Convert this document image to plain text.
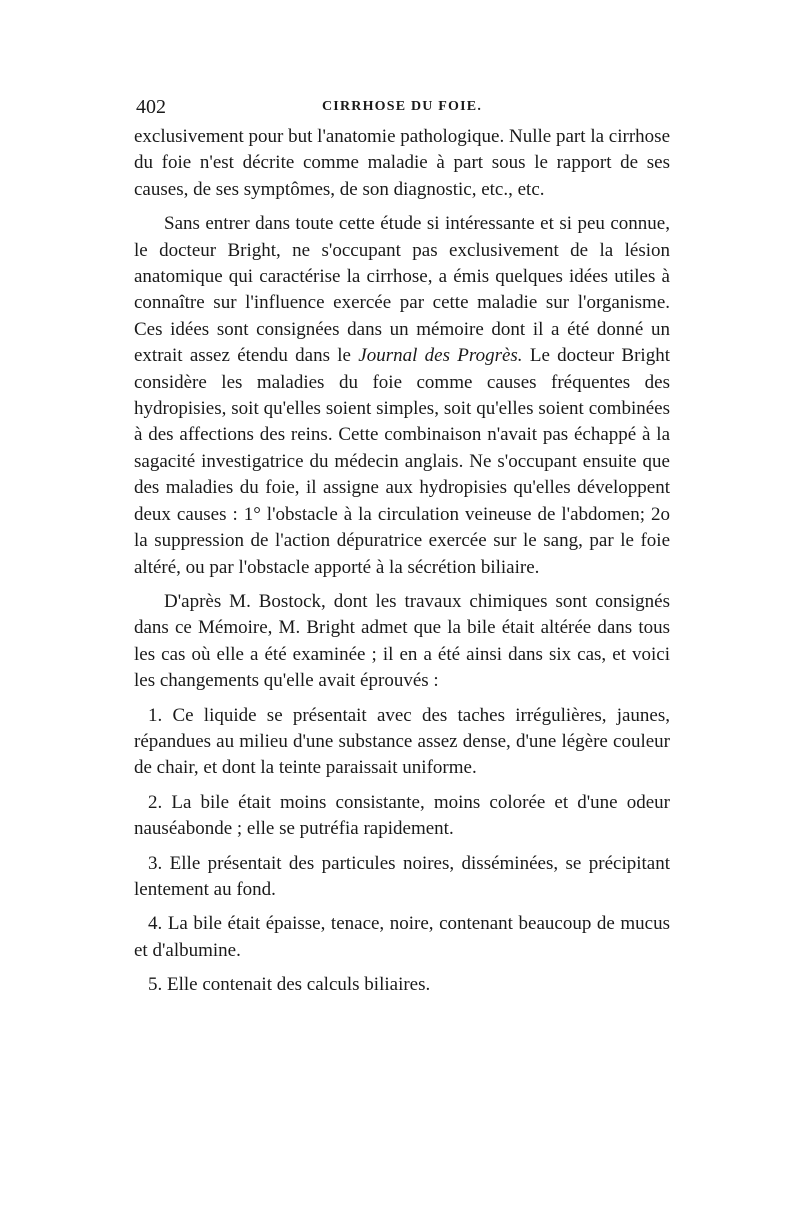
402	CIRRHOSE DU FOIE.

exclusivement pour but l'anatomie pathologique. Nulle part la cirrhose du foie n'est décrite comme maladie à part sous le rapport de ses causes, de ses symptômes, de son diagnostic, etc., etc.

Sans entrer dans toute cette étude si intéressante et si peu connue, le docteur Bright, ne s'occupant pas exclusivement de la lésion anatomique qui caractérise la cirrhose, a émis quelques idées utiles à connaître sur l'influence exercée par cette maladie sur l'organisme. Ces idées sont consignées dans un mémoire dont il a été donné un extrait assez étendu dans le Journal des Progrès. Le docteur Bright considère les maladies du foie comme causes fréquentes des hydropisies, soit qu'elles soient simples, soit qu'elles soient combinées à des affections des reins. Cette combinaison n'avait pas échappé à la sagacité investigatrice du médecin anglais. Ne s'occupant ensuite que des maladies du foie, il assigne aux hydropisies qu'elles développent deux causes : 1° l'obstacle à la circulation veineuse de l'abdomen; 2o la suppression de l'action dépuratrice exercée sur le sang, par le foie altéré, ou par l'obstacle apporté à la sécrétion biliaire.

D'après M. Bostock, dont les travaux chimiques sont consignés dans ce Mémoire, M. Bright admet que la bile était altérée dans tous les cas où elle a été examinée ; il en a été ainsi dans six cas, et voici les changements qu'elle avait éprouvés :

1. Ce liquide se présentait avec des taches irrégulières, jaunes, répandues au milieu d'une substance assez dense, d'une légère couleur de chair, et dont la teinte paraissait uniforme.

2. La bile était moins consistante, moins colorée et d'une odeur nauséabonde ; elle se putréfia rapidement.

3. Elle présentait des particules noires, disséminées, se précipitant lentement au fond.

4. La bile était épaisse, tenace, noire, contenant beaucoup de mucus et d'albumine.

5. Elle contenait des calculs biliaires.
